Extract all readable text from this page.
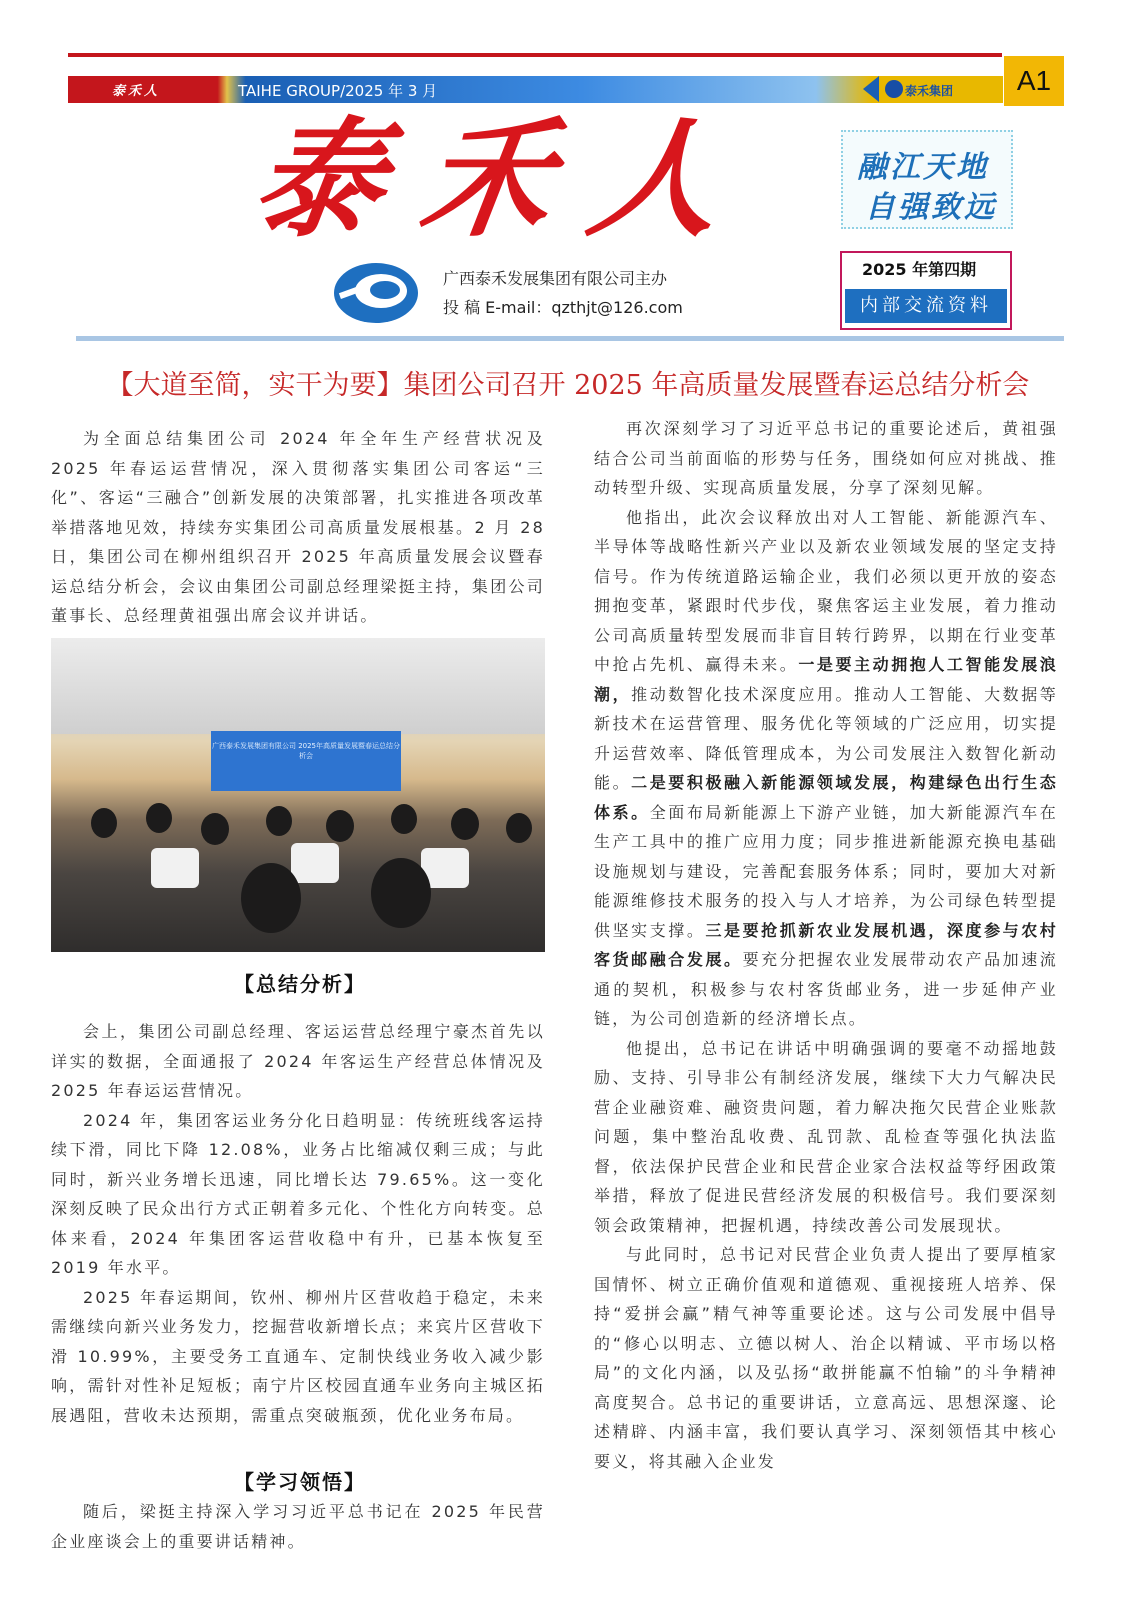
泰禾人	TAIHE GROUP/2025 年 3 月	泰禾集团	A1
泰禾人
广西泰禾发展集团有限公司主办
投 稿 E-mail：qzthjt@126.com
融江天地
自强致远
2025 年第四期
内部交流资料
【大道至简，实干为要】集团公司召开 2025 年高质量发展暨春运总结分析会

为全面总结集团公司 2024 年全年生产经营状况及 2025 年春运运营情况，深入贯彻落实集团公司客运“三化”、客运“三融合”创新发展的决策部署，扎实推进各项改革举措落地见效，持续夯实集团公司高质量发展根基。2 月 28 日，集团公司在柳州组织召开 2025 年高质量发展会议暨春运总结分析会，会议由集团公司副总经理梁挺主持，集团公司董事长、总经理黄祖强出席会议并讲话。

广西泰禾发展集团有限公司 2025年高质量发展暨春运总结分析会
【总结分析】

会上，集团公司副总经理、客运运营总经理宁豪杰首先以详实的数据，全面通报了 2024 年客运生产经营总体情况及 2025 年春运运营情况。

2024 年，集团客运业务分化日趋明显：传统班线客运持续下滑，同比下降 12.08%，业务占比缩减仅剩三成；与此同时，新兴业务增长迅速，同比增长达 79.65%。这一变化深刻反映了民众出行方式正朝着多元化、个性化方向转变。总体来看，2024 年集团客运营收稳中有升，已基本恢复至 2019 年水平。

2025 年春运期间，钦州、柳州片区营收趋于稳定，未来需继续向新兴业务发力，挖掘营收新增长点；来宾片区营收下滑 10.99%，主要受务工直通车、定制快线业务收入减少影响，需针对性补足短板；南宁片区校园直通车业务向主城区拓展遇阻，营收未达预期，需重点突破瓶颈，优化业务布局。

【学习领悟】

随后，梁挺主持深入学习习近平总书记在 2025 年民营企业座谈会上的重要讲话精神。

再次深刻学习了习近平总书记的重要论述后，黄祖强结合公司当前面临的形势与任务，围绕如何应对挑战、推动转型升级、实现高质量发展，分享了深刻见解。

他指出，此次会议释放出对人工智能、新能源汽车、半导体等战略性新兴产业以及新农业领域发展的坚定支持信号。作为传统道路运输企业，我们必须以更开放的姿态拥抱变革，紧跟时代步伐，聚焦客运主业发展，着力推动公司高质量转型发展而非盲目转行跨界，以期在行业变革中抢占先机、赢得未来。一是要主动拥抱人工智能发展浪潮，推动数智化技术深度应用。推动人工智能、大数据等新技术在运营管理、服务优化等领域的广泛应用，切实提升运营效率、降低管理成本，为公司发展注入数智化新动能。二是要积极融入新能源领域发展，构建绿色出行生态体系。全面布局新能源上下游产业链，加大新能源汽车在生产工具中的推广应用力度；同步推进新能源充换电基础设施规划与建设，完善配套服务体系；同时，要加大对新能源维修技术服务的投入与人才培养，为公司绿色转型提供坚实支撑。三是要抢抓新农业发展机遇，深度参与农村客货邮融合发展。要充分把握农业发展带动农产品加速流通的契机，积极参与农村客货邮业务，进一步延伸产业链，为公司创造新的经济增长点。

他提出，总书记在讲话中明确强调的要毫不动摇地鼓励、支持、引导非公有制经济发展，继续下大力气解决民营企业融资难、融资贵问题，着力解决拖欠民营企业账款问题，集中整治乱收费、乱罚款、乱检查等强化执法监督，依法保护民营企业和民营企业家合法权益等纾困政策举措，释放了促进民营经济发展的积极信号。我们要深刻领会政策精神，把握机遇，持续改善公司发展现状。

与此同时，总书记对民营企业负责人提出了要厚植家国情怀、树立正确价值观和道德观、重视接班人培养、保持“爱拼会赢”精气神等重要论述。这与公司发展中倡导的“修心以明志、立德以树人、治企以精诚、平市场以格局”的文化内涵，以及弘扬“敢拼能赢不怕输”的斗争精神高度契合。总书记的重要讲话，立意高远、思想深邃、论述精辟、内涵丰富，我们要认真学习、深刻领悟其中核心要义，将其融入企业发
